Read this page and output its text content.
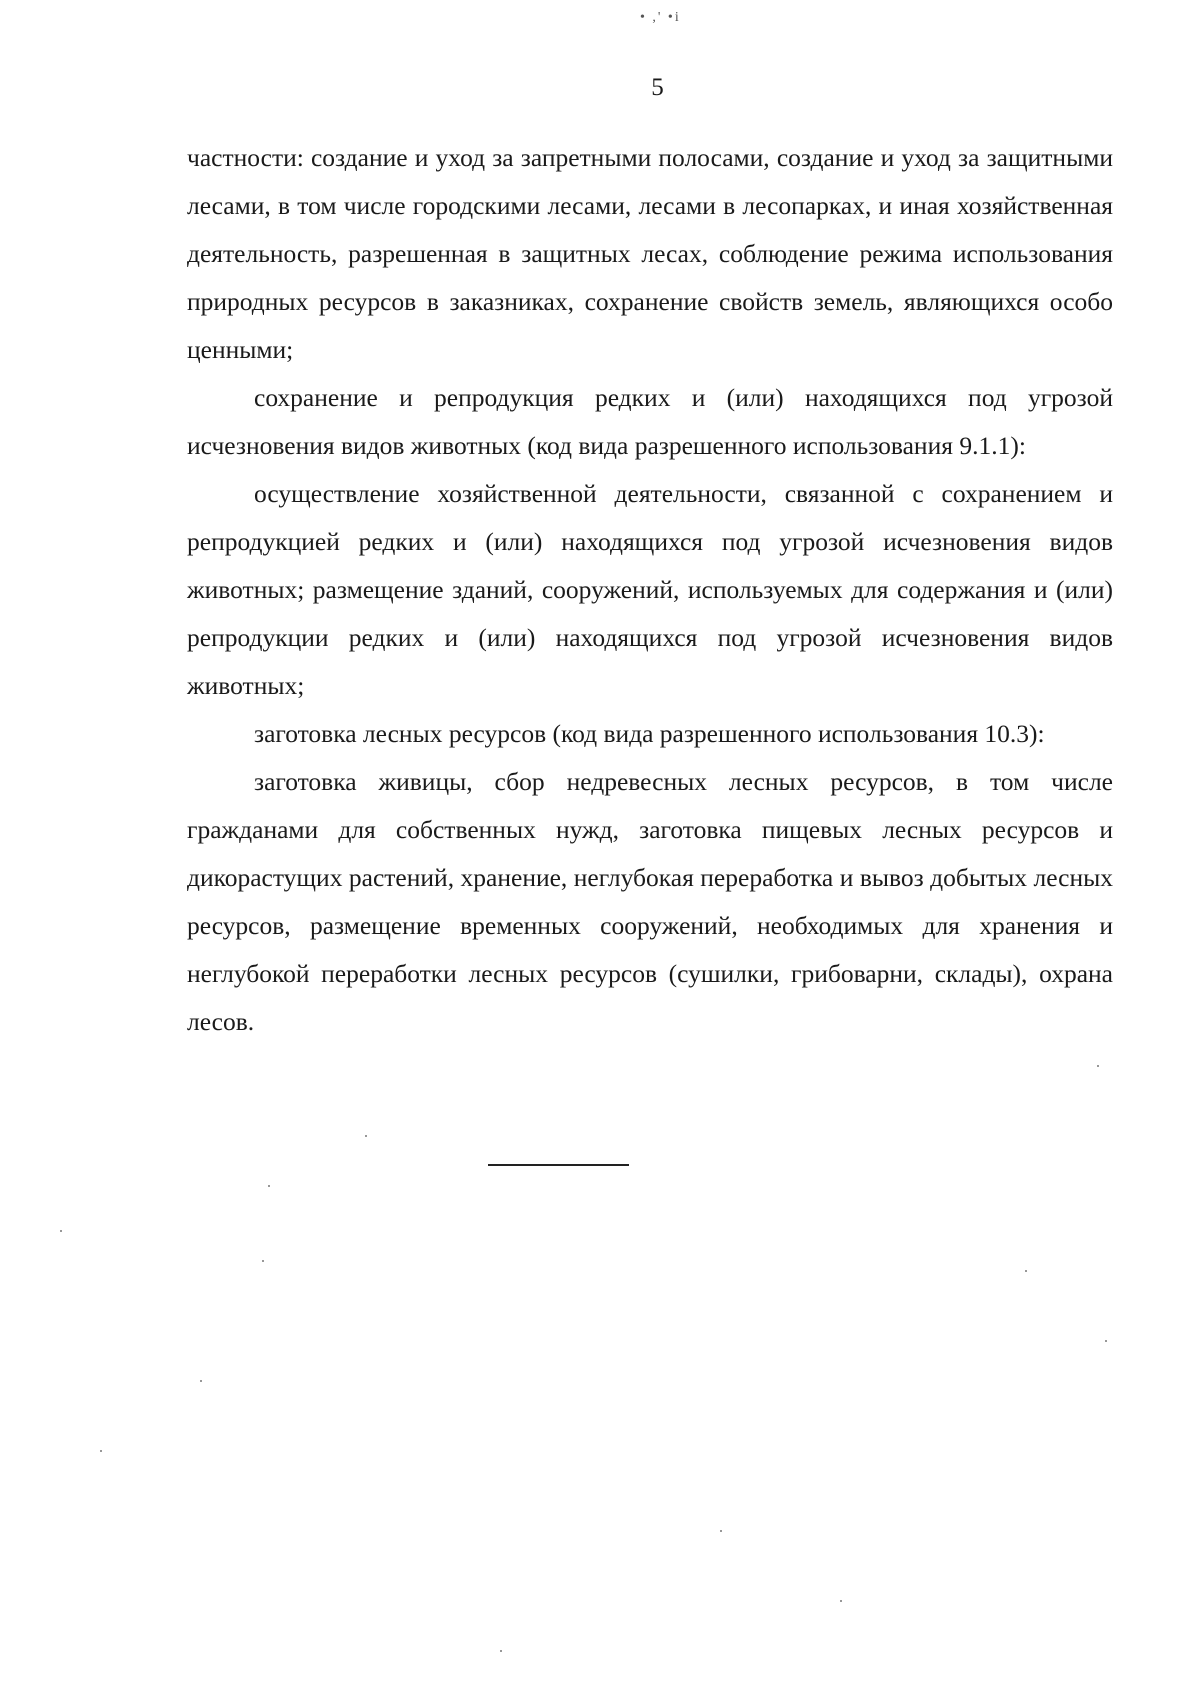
• ,' •i
5

частности: создание и уход за запретными полосами, создание и уход за защитными лесами, в том числе городскими лесами, лесами в лесопарках, и иная хозяйственная деятельность, разрешенная в защитных лесах, соблюдение режима использования природных ресурсов в заказниках, сохранение свойств земель, являющихся особо ценными;

сохранение и репродукция редких и (или) находящихся под угрозой исчезновения видов животных (код вида разрешенного использования 9.1.1):

осуществление хозяйственной деятельности, связанной с сохранением и репродукцией редких и (или) находящихся под угрозой исчезновения видов животных; размещение зданий, сооружений, используемых для содержания и (или) репродукции редких и (или) находящихся под угрозой исчезновения видов животных;

заготовка лесных ресурсов (код вида разрешенного использования 10.3):

заготовка живицы, сбор недревесных лесных ресурсов, в том числе гражданами для собственных нужд, заготовка пищевых лесных ресурсов и дикорастущих растений, хранение, неглубокая переработка и вывоз добытых лесных ресурсов, размещение временных сооружений, необходимых для хранения и неглубокой переработки лесных ресурсов (сушилки, грибоварни, склады), охрана лесов.
